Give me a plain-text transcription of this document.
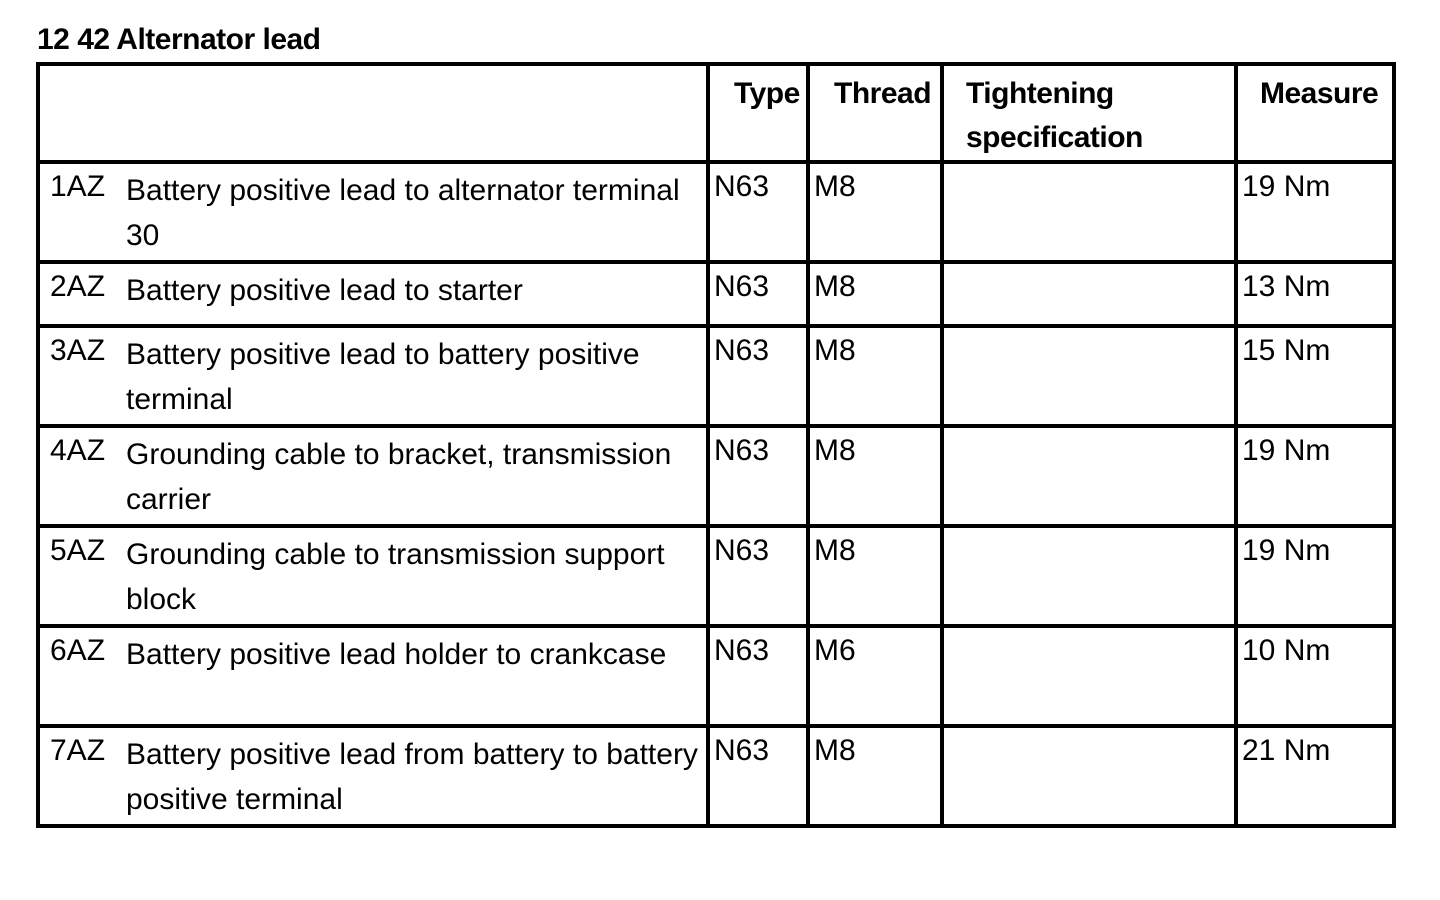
12 42 Alternator lead

	Type	Thread	Tightening specification	Measure

1AZ Battery positive lead to alternator terminal 30	N63	M8		19 Nm

2AZ Battery positive lead to starter	N63	M8		13 Nm

3AZ Battery positive lead to battery positive terminal	N63	M8		15 Nm

4AZ Grounding cable to bracket, transmission carrier	N63	M8		19 Nm

5AZ Grounding cable to transmission support block	N63	M8		19 Nm

6AZ Battery positive lead holder to crankcase	N63	M6		10 Nm

7AZ Battery positive lead from battery to battery positive terminal	N63	M8		21 Nm
